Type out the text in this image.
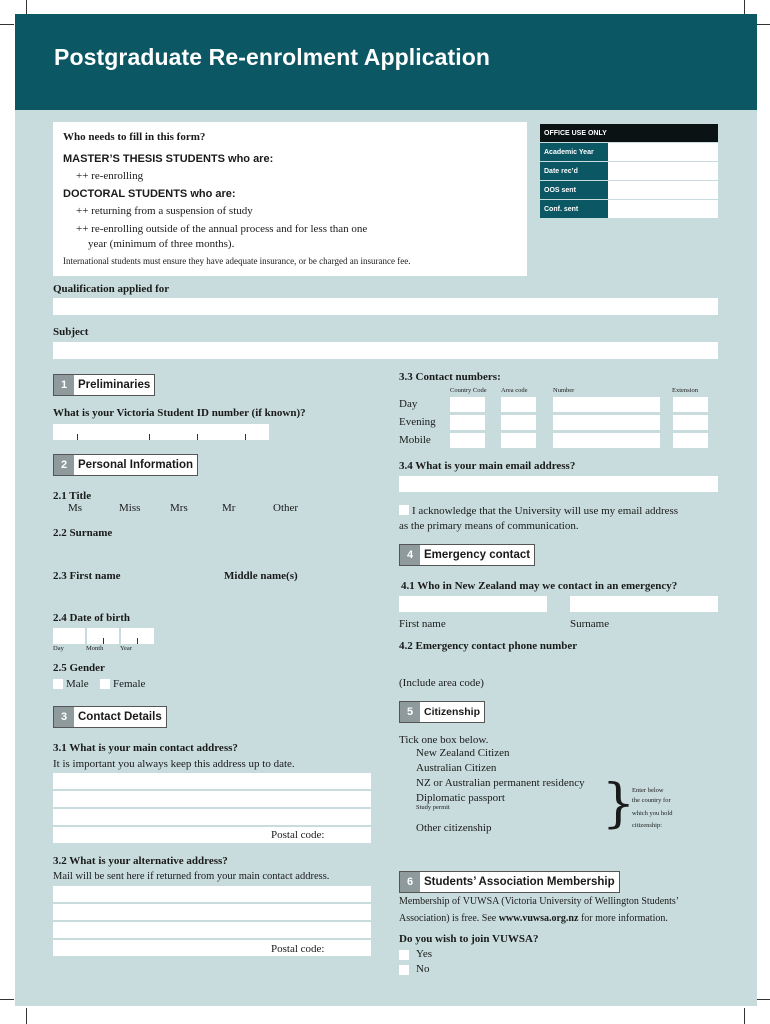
Postgraduate Re-enrolment Application
Who needs to fill in this form?
MASTER’S THESIS STUDENTS who are:
++ re-enrolling
DOCTORAL STUDENTS who are:
++ returning from a suspension of study
++ re-enrolling outside of the annual process and for less than one
year (minimum of three months).
International students must ensure they have adequate insurance, or be charged an insurance fee.
OFFICE USE ONLY
Academic Year
Date rec’d
OOS sent
Conf. sent
Qualification applied for
Subject
1 Preliminaries
What is your Victoria Student ID number (if known)?
2 Personal Information
2.1 Title
Ms	Miss	Mrs	Mr	Other
2.2 Surname
2.3 First name	Middle name(s)
2.4 Date of birth
Day	Month	Year
2.5 Gender
Male Female
3 Contact Details
3.1 What is your main contact address?
It is important you always keep this address up to date.
Postal code:
3.2 What is your alternative address?
Mail will be sent here if returned from your main contact address.
Postal code:
3.3 Contact numbers:
Country Code Area code	Number	Extension
Day
Evening
Mobile
3.4 What is your main email address?
I acknowledge that the University will use my email address
as the primary means of communication.
4 Emergency contact
4.1 Who in New Zealand may we contact in an emergency?
First name	Surname
4.2 Emergency contact phone number
(Include area code)
5	Citizenship
Tick one box below.
New Zealand Citizen
Australian Citizen
NZ or Australian permanent residency
Diplomatic passport
Study permit
Other citizenship }
Enter below
the country for
which you hold
citizenship:
6 Students’ Association Membership
Membership of VUWSA (Victoria University of Wellington Students’
Association) is free. See www.vuwsa.org.nz for more information.
Do you wish to join VUWSA?
Yes
No
